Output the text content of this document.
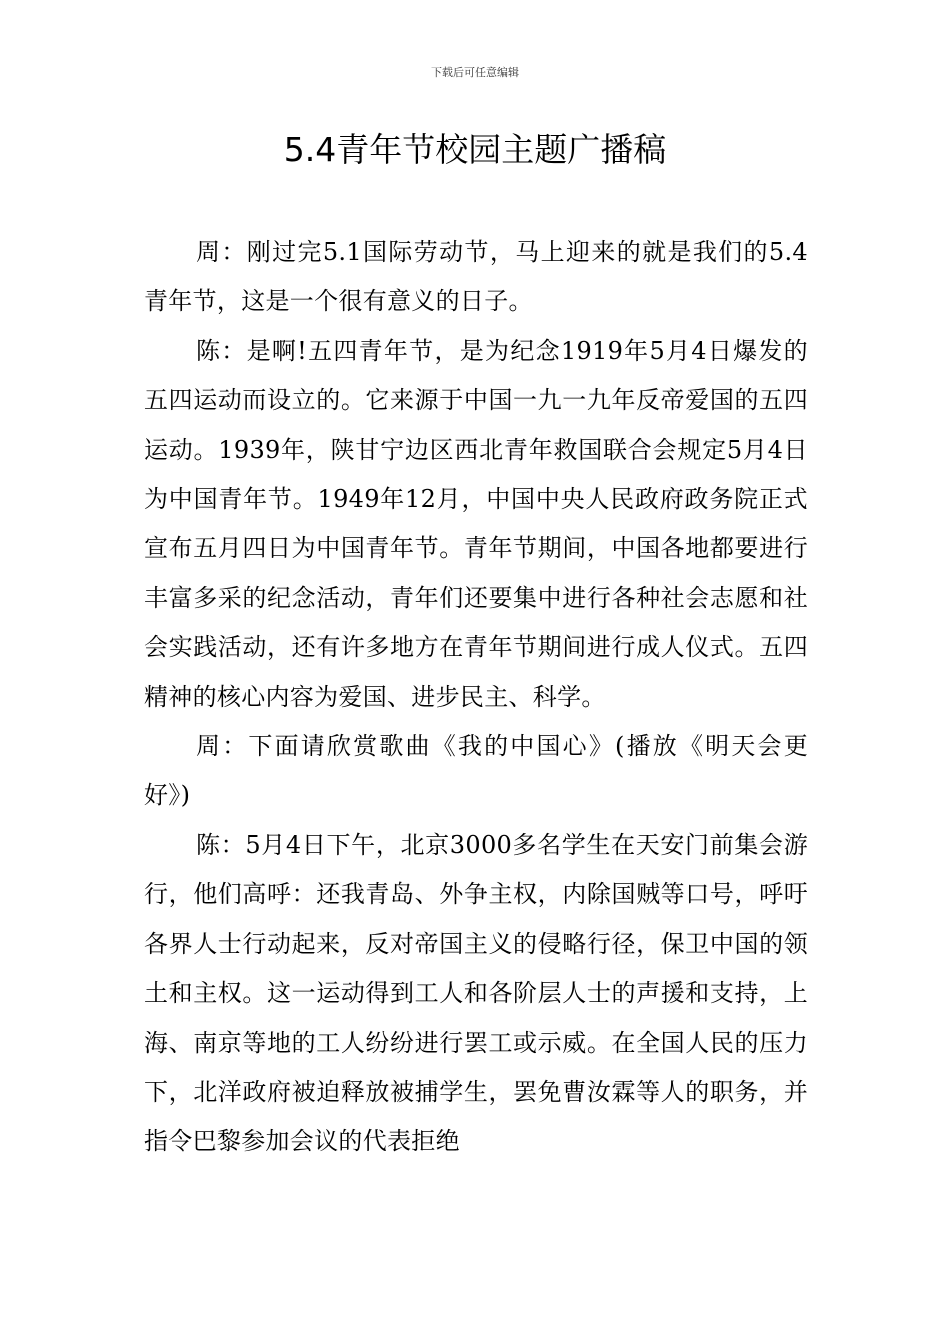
下载后可任意编辑
5.4青年节校园主题广播稿

周：刚过完5.1国际劳动节，马上迎来的就是我们的5.4青年节，这是一个很有意义的日子。

陈：是啊!五四青年节，是为纪念1919年5月4日爆发的五四运动而设立的。它来源于中国一九一九年反帝爱国的五四运动。1939年，陕甘宁边区西北青年救国联合会规定5月4日为中国青年节。1949年12月，中国中央人民政府政务院正式宣布五月四日为中国青年节。青年节期间，中国各地都要进行丰富多采的纪念活动，青年们还要集中进行各种社会志愿和社会实践活动，还有许多地方在青年节期间进行成人仪式。五四精神的核心内容为爱国、进步民主、科学。

周：下面请欣赏歌曲《我的中国心》(播放《明天会更好》)

陈：5月4日下午，北京3000多名学生在天安门前集会游行，他们高呼：还我青岛、外争主权，内除国贼等口号，呼吁各界人士行动起来，反对帝国主义的侵略行径，保卫中国的领土和主权。这一运动得到工人和各阶层人士的声援和支持，上海、南京等地的工人纷纷进行罢工或示威。在全国人民的压力下，北洋政府被迫释放被捕学生，罢免曹汝霖等人的职务，并指令巴黎参加会议的代表拒绝
